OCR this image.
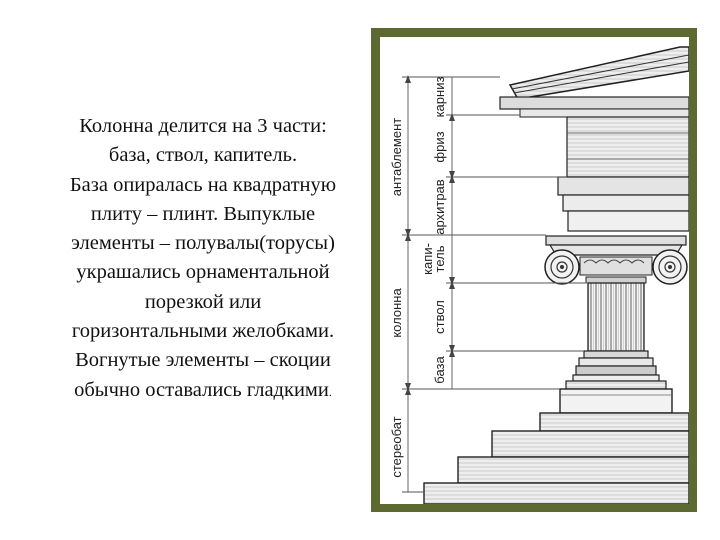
Колонна делится на 3 части:
база, ствол, капитель.
База опиралась на квадратную
плиту – плинт. Выпуклые
элементы – полувалы(торусы)
украшались орнаментальной
порезкой или
горизонтальными желобками.
Вогнутые элементы – скоции
обычно оставались гладкими.
антаблемент
колонна
стереобат
карниз
фриз
архитрав
капи-
тель
ствол
база
